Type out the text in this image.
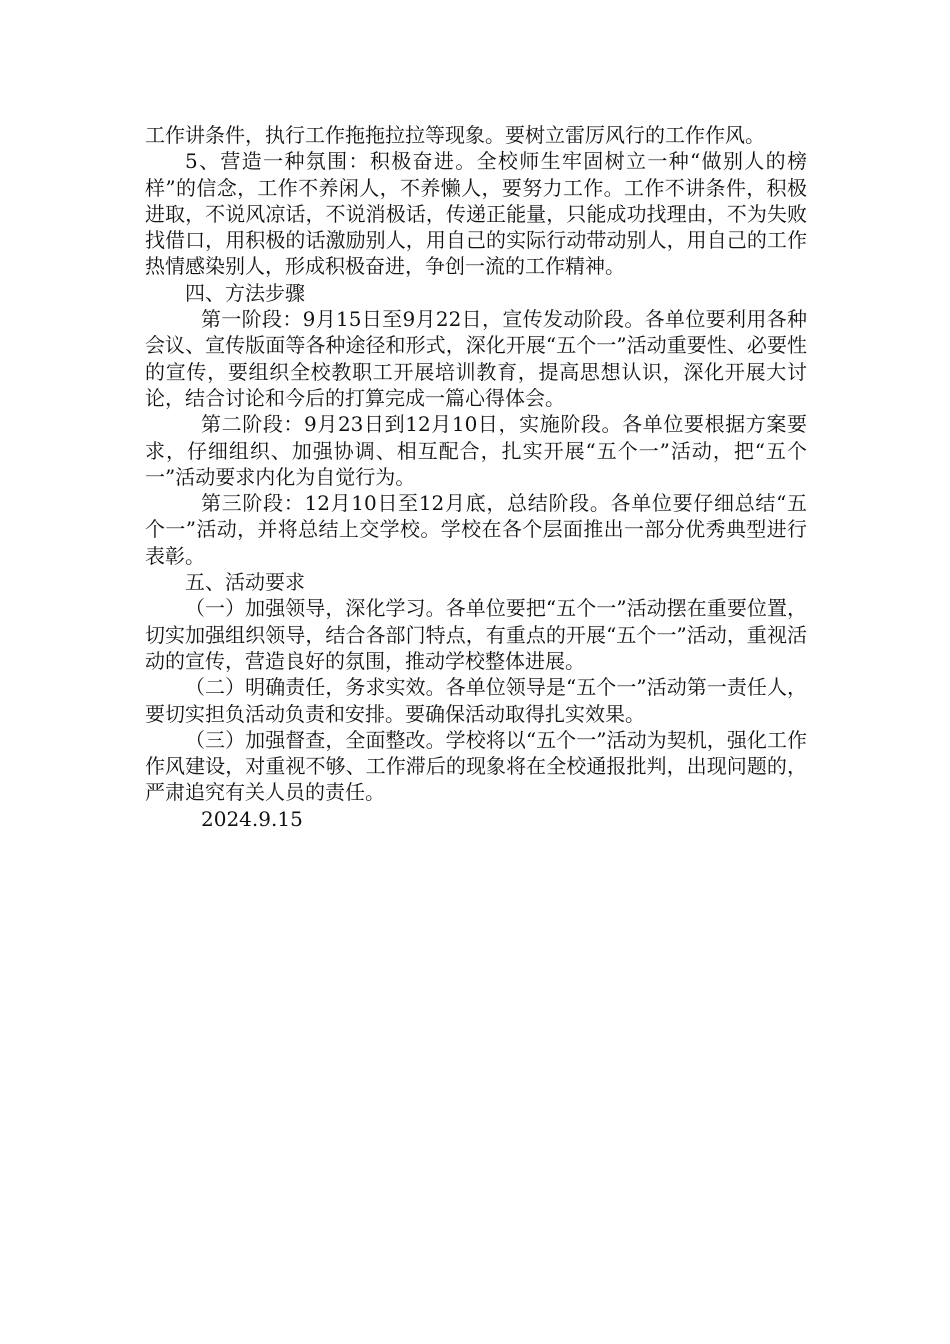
工作讲条件，执行工作拖拖拉拉等现象。要树立雷厉风行的工作作风。

5、营造一种氛围：积极奋进。全校师生牢固树立一种“做别人的榜样”的信念，工作不养闲人，不养懒人，要努力工作。工作不讲条件，积极进取，不说风凉话，不说消极话，传递正能量，只能成功找理由，不为失败找借口，用积极的话激励别人，用自己的实际行动带动别人，用自己的工作热情感染别人，形成积极奋进，争创一流的工作精神。

四、方法步骤

第一阶段：9月15日至9月22日，宣传发动阶段。各单位要利用各种会议、宣传版面等各种途径和形式，深化开展“五个一”活动重要性、必要性的宣传，要组织全校教职工开展培训教育，提高思想认识，深化开展大讨论，结合讨论和今后的打算完成一篇心得体会。

第二阶段：9月23日到12月10日，实施阶段。各单位要根据方案要求，仔细组织、加强协调、相互配合，扎实开展“五个一”活动，把“五个一”活动要求内化为自觉行为。

第三阶段：12月10日至12月底，总结阶段。各单位要仔细总结“五个一”活动，并将总结上交学校。学校在各个层面推出一部分优秀典型进行表彰。

五、活动要求

（一）加强领导，深化学习。各单位要把“五个一”活动摆在重要位置，切实加强组织领导，结合各部门特点，有重点的开展“五个一”活动，重视活动的宣传，营造良好的氛围，推动学校整体进展。

（二）明确责任，务求实效。各单位领导是“五个一”活动第一责任人，要切实担负活动负责和安排。要确保活动取得扎实效果。

（三）加强督查，全面整改。学校将以“五个一”活动为契机，强化工作作风建设，对重视不够、工作滞后的现象将在全校通报批判，出现问题的，严肃追究有关人员的责任。

2024.9.15
